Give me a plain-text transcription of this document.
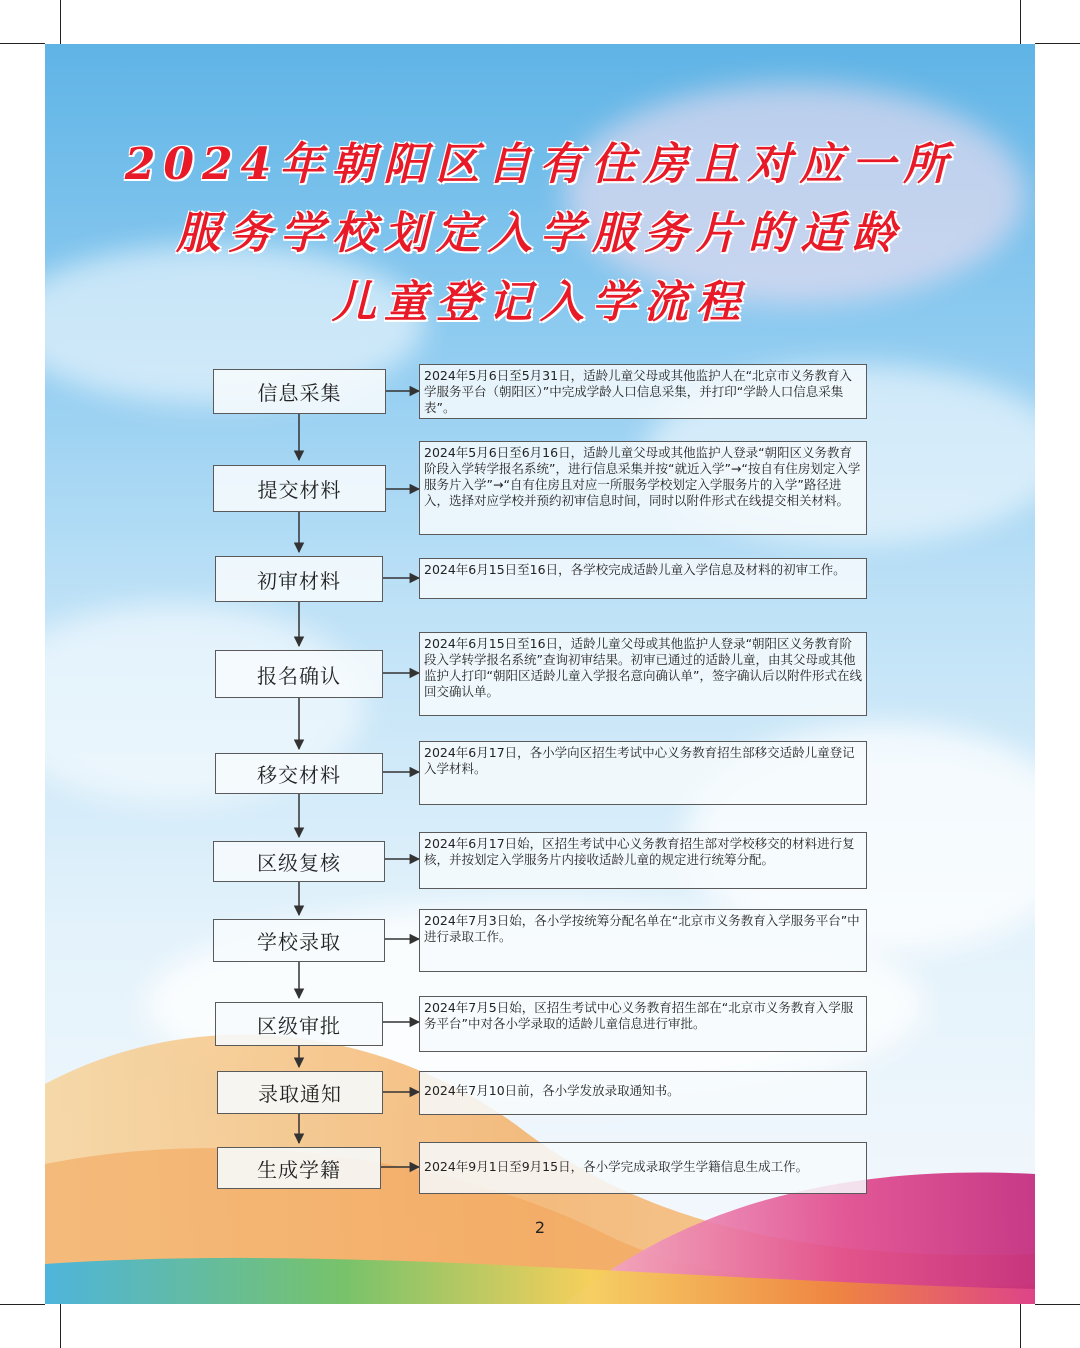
2024年朝阳区自有住房且对应一所
服务学校划定入学服务片的适龄
儿童登记入学流程
信息采集
提交材料
初审材料
报名确认
移交材料
区级复核
学校录取
区级审批
录取通知
生成学籍
2024年5月6日至5月31日，适龄儿童父母或其他监护人在“北京市义务教育入学服务平台（朝阳区）”中完成学龄人口信息采集，并打印“学龄人口信息采集表”。
2024年5月6日至6月16日，适龄儿童父母或其他监护人登录“朝阳区义务教育阶段入学转学报名系统”，进行信息采集并按“就近入学”→“按自有住房划定入学服务片入学”→“自有住房且对应一所服务学校划定入学服务片的入学”路径进入，选择对应学校并预约初审信息时间，同时以附件形式在线提交相关材料。
2024年6月15日至16日，各学校完成适龄儿童入学信息及材料的初审工作。
2024年6月15日至16日，适龄儿童父母或其他监护人登录“朝阳区义务教育阶段入学转学报名系统”查询初审结果。初审已通过的适龄儿童，由其父母或其他监护人打印“朝阳区适龄儿童入学报名意向确认单”，签字确认后以附件形式在线回交确认单。
2024年6月17日，各小学向区招生考试中心义务教育招生部移交适龄儿童登记入学材料。
2024年6月17日始，区招生考试中心义务教育招生部对学校移交的材料进行复核，并按划定入学服务片内接收适龄儿童的规定进行统筹分配。
2024年7月3日始，各小学按统筹分配名单在“北京市义务教育入学服务平台”中进行录取工作。
2024年7月5日始，区招生考试中心义务教育招生部在“北京市义务教育入学服务平台”中对各小学录取的适龄儿童信息进行审批。
2024年7月10日前，各小学发放录取通知书。
2024年9月1日至9月15日，各小学完成录取学生学籍信息生成工作。
2
